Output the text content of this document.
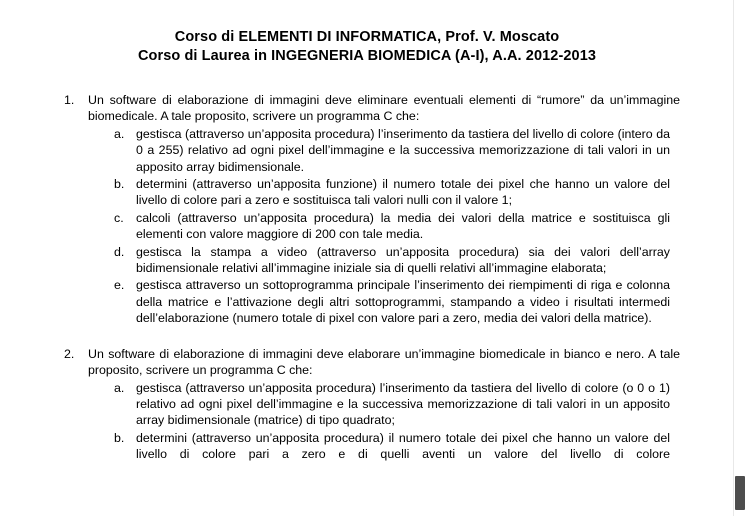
Corso di ELEMENTI DI INFORMATICA, Prof. V. Moscato
Corso di Laurea in INGEGNERIA BIOMEDICA (A-I), A.A. 2012-2013
1.	Un software di elaborazione di immagini deve eliminare eventuali elementi di “rumore” da un’immagine biomedicale. A tale proposito, scrivere un programma C che:
a. gestisca (attraverso un’apposita procedura) l’inserimento da tastiera del livello di colore (intero da 0 a 255) relativo ad ogni pixel dell’immagine e la successiva memorizzazione di tali valori in un apposito array bidimensionale.
b. determini (attraverso un’apposita funzione) il numero totale dei pixel che hanno un valore del livello di colore pari a zero e sostituisca tali valori nulli con il valore 1;
c. calcoli (attraverso un’apposita procedura) la media dei valori della matrice e sostituisca gli elementi con valore maggiore di 200 con tale media.
d. gestisca la stampa a video (attraverso un’apposita procedura) sia dei valori dell’array bidimensionale relativi all’immagine iniziale sia di quelli relativi all’immagine elaborata;
e. gestisca attraverso un sottoprogramma principale l’inserimento dei riempimenti di riga e colonna della matrice e l’attivazione degli altri sottoprogrammi, stampando a video i risultati intermedi dell’elaborazione (numero totale di pixel con valore pari a zero, media dei valori della matrice).
2.	Un software di elaborazione di immagini deve elaborare un’immagine biomedicale in bianco e nero. A tale proposito, scrivere un programma C che:
a. gestisca (attraverso un’apposita procedura) l’inserimento da tastiera del livello di colore (o 0 o 1) relativo ad ogni pixel dell’immagine e la successiva memorizzazione di tali valori in un apposito array bidimensionale (matrice) di tipo quadrato;
b. determini (attraverso un’apposita procedura) il numero totale dei pixel che hanno un valore del livello di colore pari a zero e di quelli aventi un valore del livello di colore
